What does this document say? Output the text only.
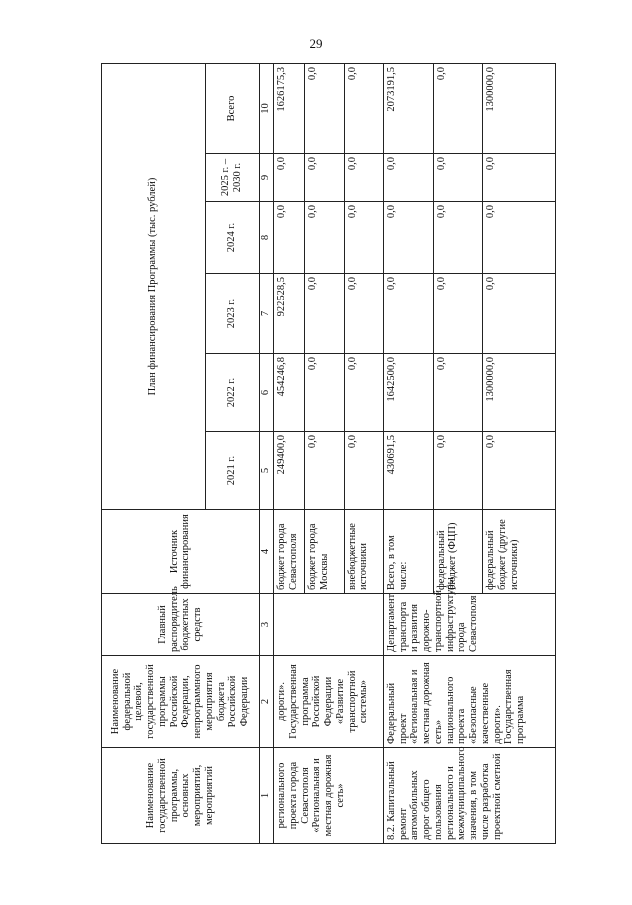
29
Наименование государственной программы, основных мероприятий, мероприятий	Наименование федеральной целевой, государственной программы Российской Федерации, непрограммного мероприятия бюджета Российской Федерации	Главный распорядитель бюджетных средств	Источник финансирования	План финансирования Программы (тыс. рублей)					
				2021 г.	2022 г.	2023 г.	2024 г.	2025 г. – 2030 г.	Всего
1	2	3	4	5	6	7	8	9	10
регионального проекта города Севастополя «Региональная и местная дорожная сеть»	дороги». Государственная программа Российской Федерации «Развитие транспортной системы»		бюджет города Севастополя	249400,0	454246,8	922528,5	0,0	0,0	1626175,3
			бюджет города Москвы	0,0	0,0	0,0	0,0	0,0	0,0
			внебюджетные источники	0,0	0,0	0,0	0,0	0,0	0,0
8.2. Капитальный ремонт автомобильных дорог общего пользования регионального и межмуниципального значения, в том числе разработка проектной сметной	Федеральный проект «Региональная и местная дорожная сеть» национального проекта «Безопасные качественные дороги». Государственная программа	Департамент транспорта и развития дорожно-транспортной инфраструктуры города Севастополя	Всего, в том числе:	430691,5	1642500,0	0,0	0,0	0,0	2073191,5
			федеральный бюджет (ФЦП)	0,0	0,0	0,0	0,0	0,0	0,0
			федеральный бюджет (другие источники)	0,0	1300000,0	0,0	0,0	0,0	1300000,0
